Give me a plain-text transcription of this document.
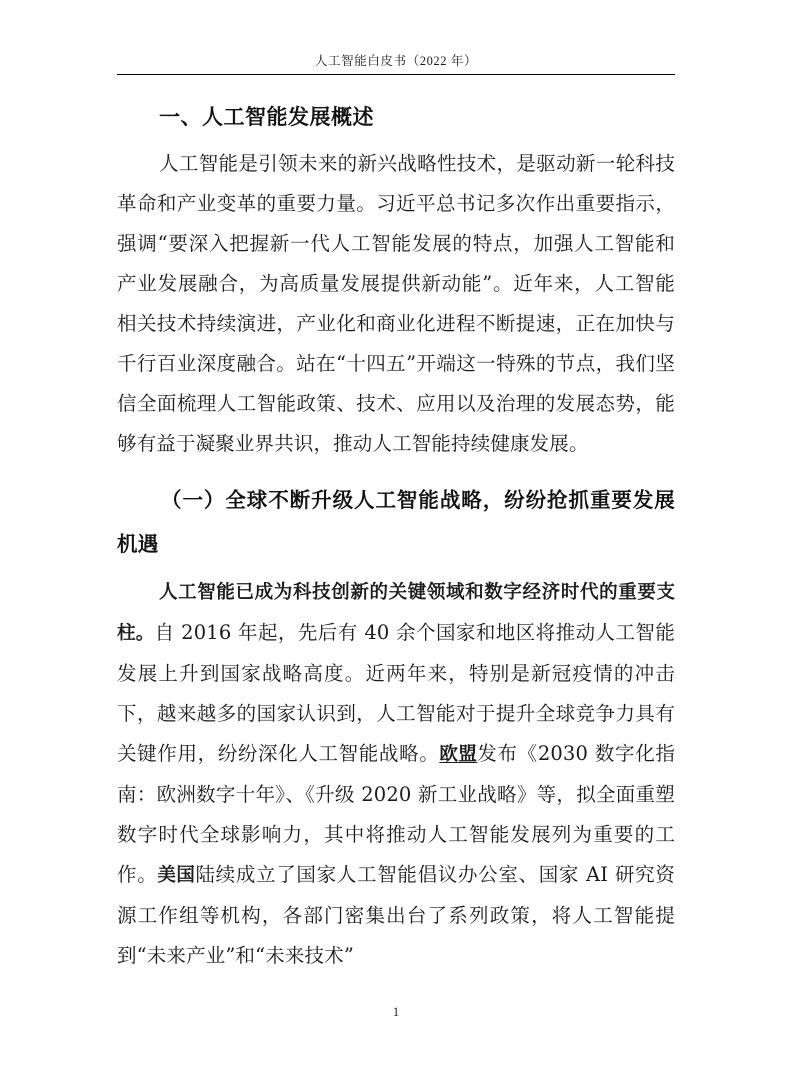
人工智能白皮书（2022 年）
一、人工智能发展概述

人工智能是引领未来的新兴战略性技术，是驱动新一轮科技革命和产业变革的重要力量。习近平总书记多次作出重要指示，强调“要深入把握新一代人工智能发展的特点，加强人工智能和产业发展融合，为高质量发展提供新动能”。近年来，人工智能相关技术持续演进，产业化和商业化进程不断提速，正在加快与千行百业深度融合。站在“十四五”开端这一特殊的节点，我们坚信全面梳理人工智能政策、技术、应用以及治理的发展态势，能够有益于凝聚业界共识，推动人工智能持续健康发展。

（一）全球不断升级人工智能战略，纷纷抢抓重要发展机遇

人工智能已成为科技创新的关键领域和数字经济时代的重要支柱。自 2016 年起，先后有 40 余个国家和地区将推动人工智能发展上升到国家战略高度。近两年来，特别是新冠疫情的冲击下，越来越多的国家认识到，人工智能对于提升全球竞争力具有关键作用，纷纷深化人工智能战略。欧盟发布《2030 数字化指南：欧洲数字十年》、《升级 2020 新工业战略》等，拟全面重塑数字时代全球影响力，其中将推动人工智能发展列为重要的工作。美国陆续成立了国家人工智能倡议办公室、国家 AI 研究资源工作组等机构，各部门密集出台了系列政策，将人工智能提到“未来产业”和“未来技术”

1
